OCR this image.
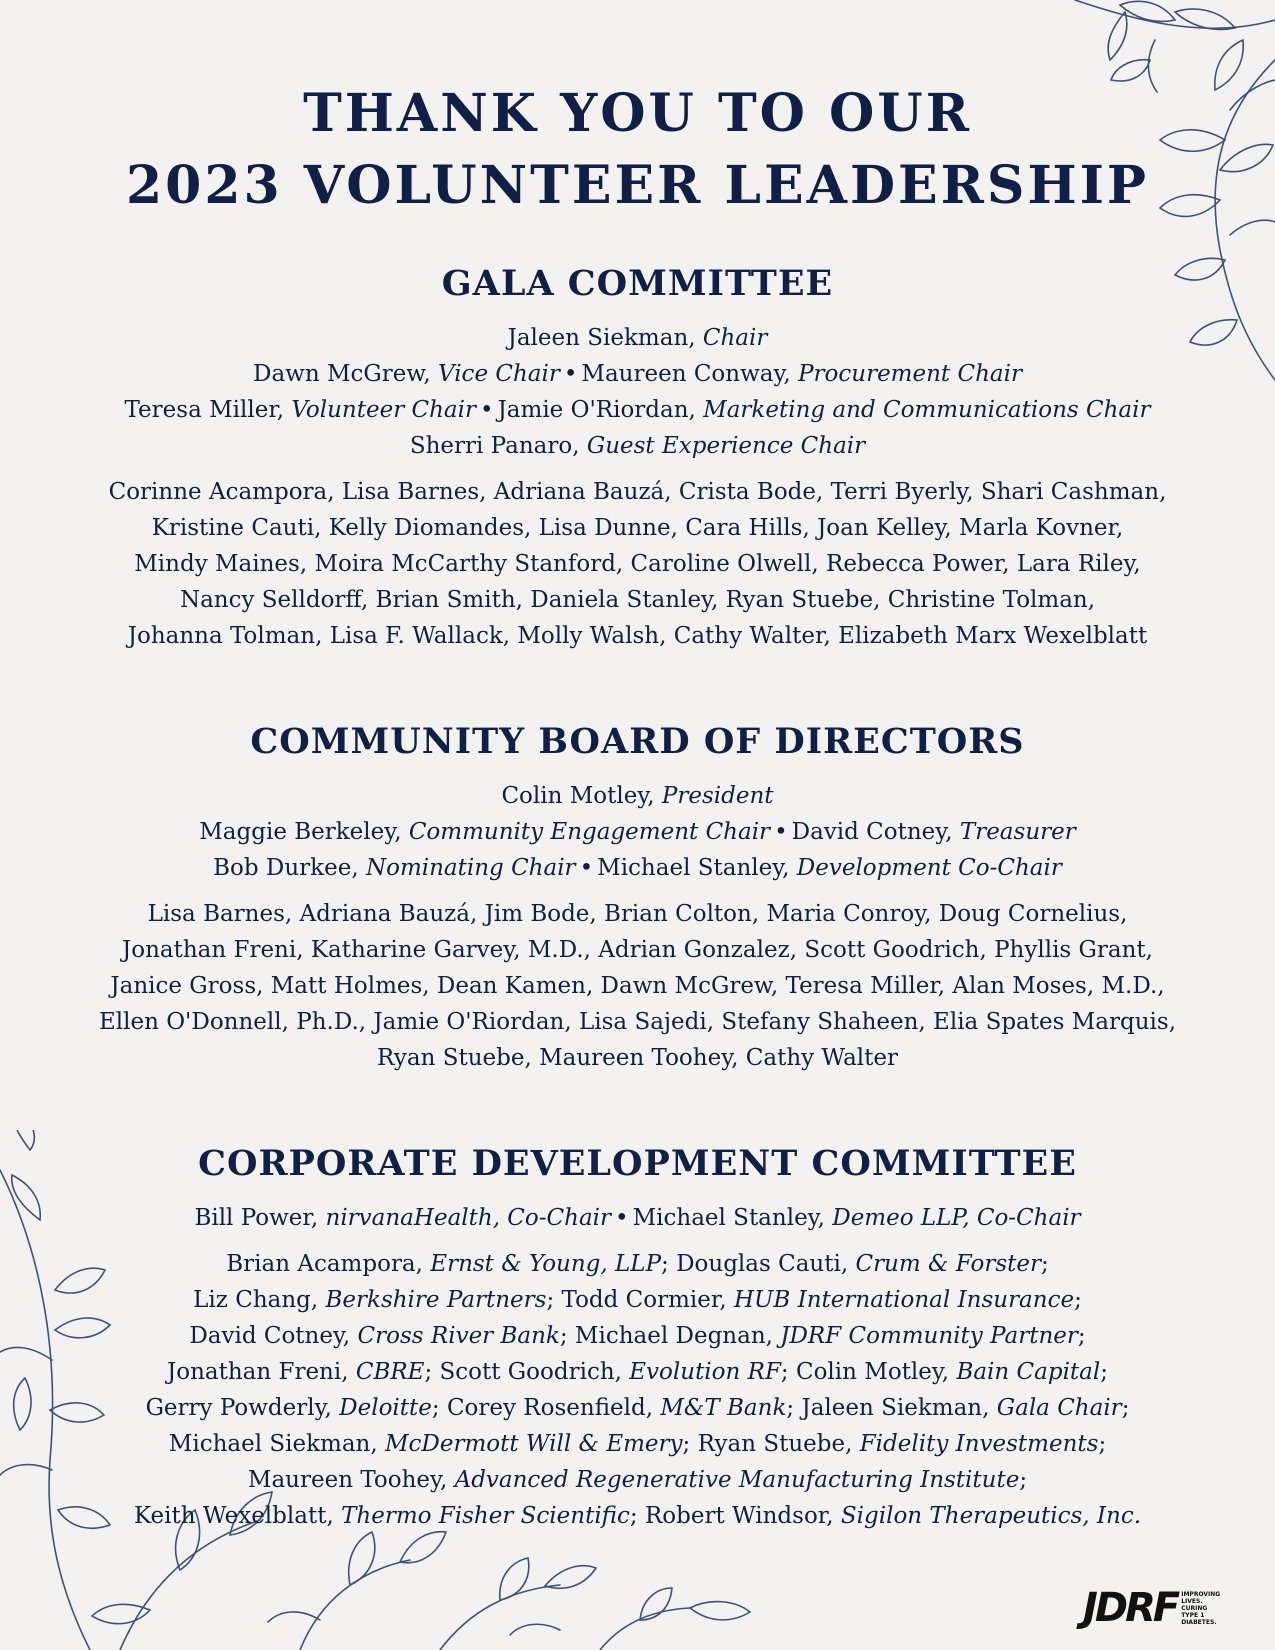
THANK YOU TO OUR
2023 VOLUNTEER LEADERSHIP
GALA COMMITTEE

Jaleen Siekman, Chair

Dawn McGrew, Vice Chair • Maureen Conway, Procurement Chair

Teresa Miller, Volunteer Chair • Jamie O'Riordan, Marketing and Communications Chair

Sherri Panaro, Guest Experience Chair

Corinne Acampora, Lisa Barnes, Adriana Bauzá, Crista Bode, Terri Byerly, Shari Cashman,

Kristine Cauti, Kelly Diomandes, Lisa Dunne, Cara Hills, Joan Kelley, Marla Kovner,

Mindy Maines, Moira McCarthy Stanford, Caroline Olwell, Rebecca Power, Lara Riley,

Nancy Selldorff, Brian Smith, Daniela Stanley, Ryan Stuebe, Christine Tolman,

Johanna Tolman, Lisa F. Wallack, Molly Walsh, Cathy Walter, Elizabeth Marx Wexelblatt

COMMUNITY BOARD OF DIRECTORS

Colin Motley, President

Maggie Berkeley, Community Engagement Chair • David Cotney, Treasurer

Bob Durkee, Nominating Chair • Michael Stanley, Development Co-Chair

Lisa Barnes, Adriana Bauzá, Jim Bode, Brian Colton, Maria Conroy, Doug Cornelius,

Jonathan Freni, Katharine Garvey, M.D., Adrian Gonzalez, Scott Goodrich, Phyllis Grant,

Janice Gross, Matt Holmes, Dean Kamen, Dawn McGrew, Teresa Miller, Alan Moses, M.D.,

Ellen O'Donnell, Ph.D., Jamie O'Riordan, Lisa Sajedi, Stefany Shaheen, Elia Spates Marquis,

Ryan Stuebe, Maureen Toohey, Cathy Walter

CORPORATE DEVELOPMENT COMMITTEE

Bill Power, nirvanaHealth, Co-Chair • Michael Stanley, Demeo LLP, Co-Chair

Brian Acampora, Ernst & Young, LLP; Douglas Cauti, Crum & Forster;

Liz Chang, Berkshire Partners; Todd Cormier, HUB International Insurance;

David Cotney, Cross River Bank; Michael Degnan, JDRF Community Partner;

Jonathan Freni, CBRE; Scott Goodrich, Evolution RF; Colin Motley, Bain Capital;

Gerry Powderly, Deloitte; Corey Rosenfield, M&T Bank; Jaleen Siekman, Gala Chair;

Michael Siekman, McDermott Will & Emery; Ryan Stuebe, Fidelity Investments;

Maureen Toohey, Advanced Regenerative Manufacturing Institute;

Keith Wexelblatt, Thermo Fisher Scientific; Robert Windsor, Sigilon Therapeutics, Inc.

JDRF IMPROVING
LIVES.
CURING
TYPE 1
DIABETES.
